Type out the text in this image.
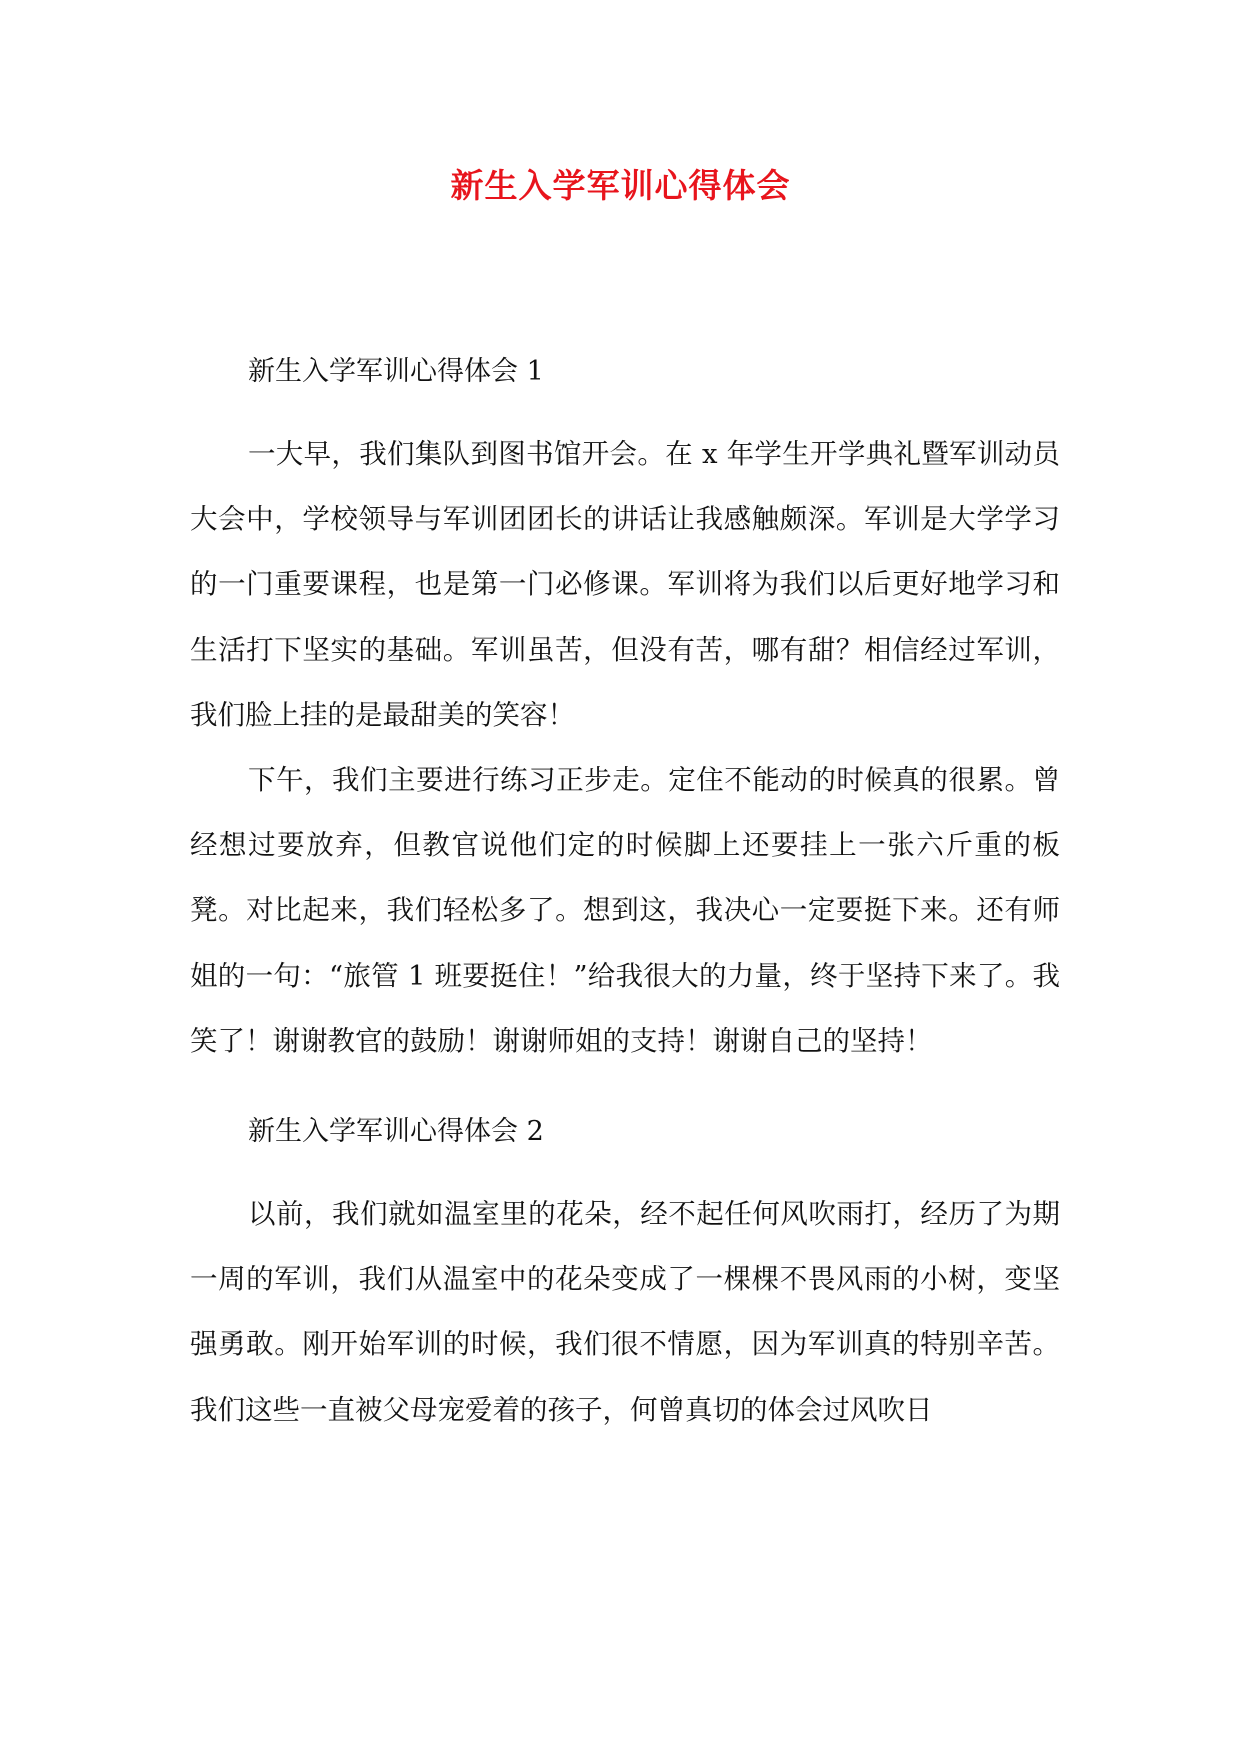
新生入学军训心得体会
新生入学军训心得体会 1
一大早，我们集队到图书馆开会。在 x 年学生开学典礼暨军训动员大会中，学校领导与军训团团长的讲话让我感触颇深。军训是大学学习的一门重要课程，也是第一门必修课。军训将为我们以后更好地学习和生活打下坚实的基础。军训虽苦，但没有苦，哪有甜？相信经过军训，我们脸上挂的是最甜美的笑容！
下午，我们主要进行练习正步走。定住不能动的时候真的很累。曾经想过要放弃，但教官说他们定的时候脚上还要挂上一张六斤重的板凳。对比起来，我们轻松多了。想到这，我决心一定要挺下来。还有师姐的一句：“旅管 1 班要挺住！”给我很大的力量，终于坚持下来了。我笑了！谢谢教官的鼓励！谢谢师姐的支持！谢谢自己的坚持！
新生入学军训心得体会 2
以前，我们就如温室里的花朵，经不起任何风吹雨打，经历了为期一周的军训，我们从温室中的花朵变成了一棵棵不畏风雨的小树，变坚强勇敢。刚开始军训的时候，我们很不情愿，因为军训真的特别辛苦。我们这些一直被父母宠爱着的孩子，何曾真切的体会过风吹日
